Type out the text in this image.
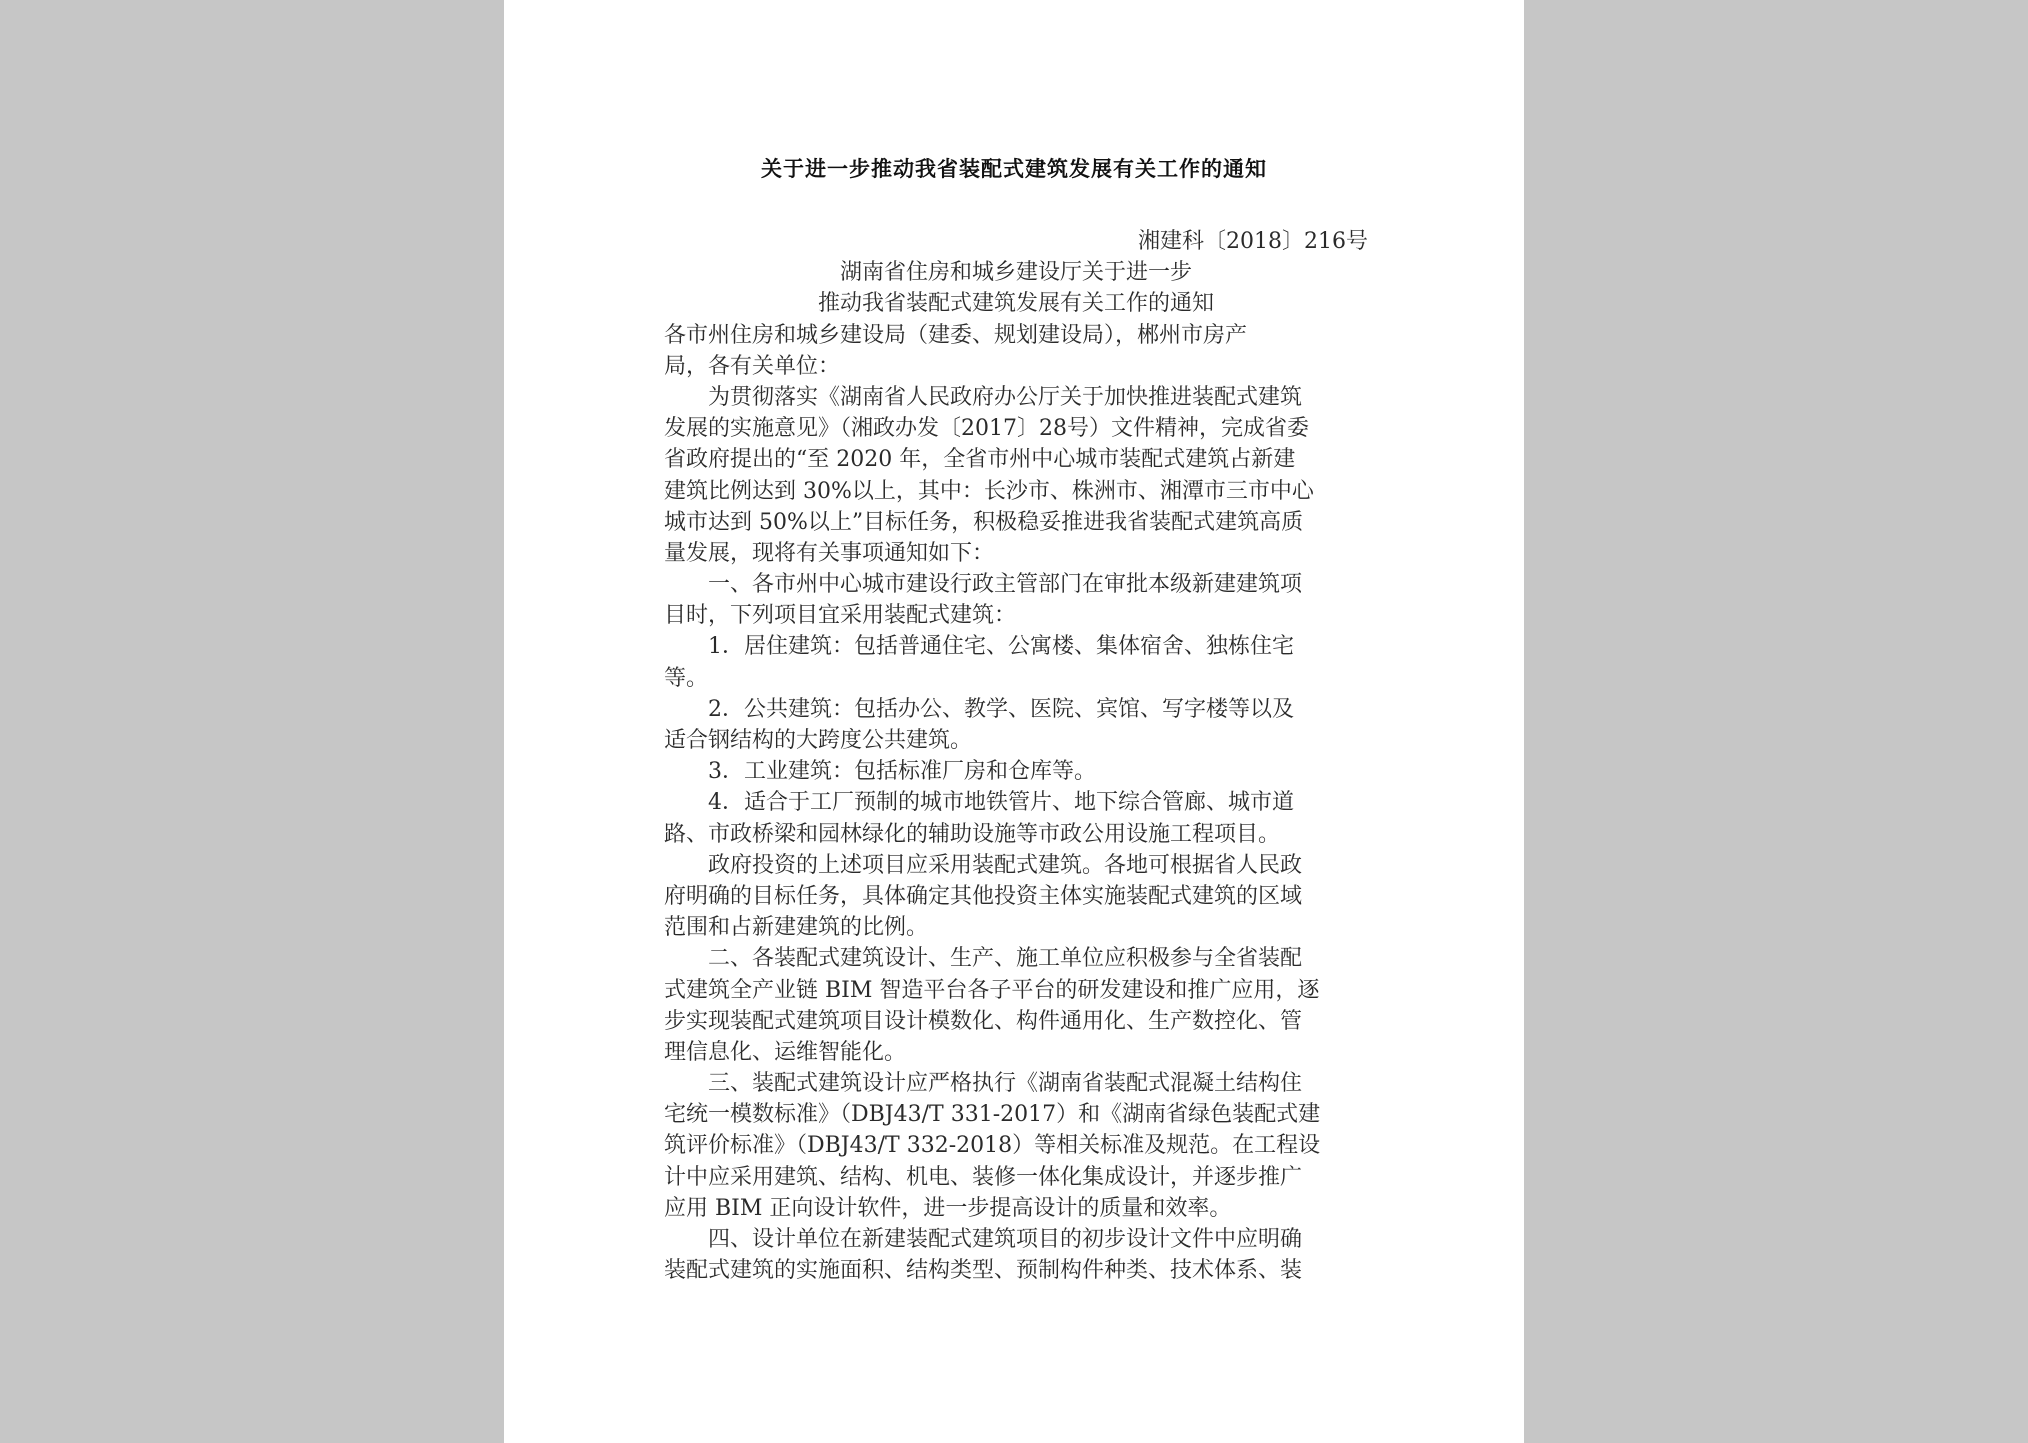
关于进一步推动我省装配式建筑发展有关工作的通知
湘建科〔2018〕216号
湖南省住房和城乡建设厅关于进一步
推动我省装配式建筑发展有关工作的通知
各市州住房和城乡建设局（建委、规划建设局），郴州市房产
局，各有关单位：
为贯彻落实《湖南省人民政府办公厅关于加快推进装配式建筑
发展的实施意见》（湘政办发〔2017〕28号）文件精神，完成省委
省政府提出的“至 2020 年，全省市州中心城市装配式建筑占新建
建筑比例达到 30%以上，其中：长沙市、株洲市、湘潭市三市中心
城市达到 50%以上”目标任务，积极稳妥推进我省装配式建筑高质
量发展，现将有关事项通知如下：
一、各市州中心城市建设行政主管部门在审批本级新建建筑项
目时，下列项目宜采用装配式建筑：
1．居住建筑：包括普通住宅、公寓楼、集体宿舍、独栋住宅
等。
2．公共建筑：包括办公、教学、医院、宾馆、写字楼等以及
适合钢结构的大跨度公共建筑。
3．工业建筑：包括标准厂房和仓库等。
4．适合于工厂预制的城市地铁管片、地下综合管廊、城市道
路、市政桥梁和园林绿化的辅助设施等市政公用设施工程项目。
政府投资的上述项目应采用装配式建筑。各地可根据省人民政
府明确的目标任务，具体确定其他投资主体实施装配式建筑的区域
范围和占新建建筑的比例。
二、各装配式建筑设计、生产、施工单位应积极参与全省装配
式建筑全产业链 BIM 智造平台各子平台的研发建设和推广应用，逐
步实现装配式建筑项目设计模数化、构件通用化、生产数控化、管
理信息化、运维智能化。
三、装配式建筑设计应严格执行《湖南省装配式混凝土结构住
宅统一模数标准》（DBJ43/T 331-2017）和《湖南省绿色装配式建
筑评价标准》（DBJ43/T 332-2018）等相关标准及规范。在工程设
计中应采用建筑、结构、机电、装修一体化集成设计，并逐步推广
应用 BIM 正向设计软件，进一步提高设计的质量和效率。
四、设计单位在新建装配式建筑项目的初步设计文件中应明确
装配式建筑的实施面积、结构类型、预制构件种类、技术体系、装
